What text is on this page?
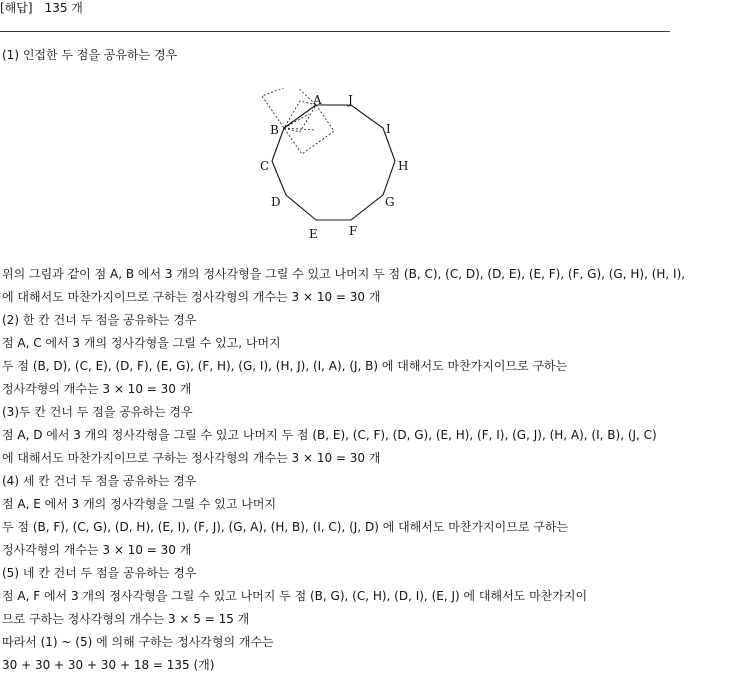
[해답] 135 개
(1) 인접한 두 점을 공유하는 경우
A J
I
H
G
F
E
D
C
B
위의 그림과 같이 점 A, B 에서 3 개의 정사각형을 그릴 수 있고 나머지 두 점 (B, C), (C, D), (D, E), (E, F), (F, G), (G, H), (H, I),
에 대해서도 마찬가지이므로 구하는 정사각형의 개수는 3 × 10 = 30 개
(2) 한 칸 건너 두 점을 공유하는 경우
점 A, C 에서 3 개의 정사각형을 그릴 수 있고, 나머지
두 점 (B, D), (C, E), (D, F), (E, G), (F, H), (G, I), (H, J), (I, A), (J, B) 에 대해서도 마찬가지이므로 구하는
정사각형의 개수는 3 × 10 = 30 개
(3)두 칸 건너 두 점을 공유하는 경우
점 A, D 에서 3 개의 정사각형을 그릴 수 있고 나머지 두 점 (B, E), (C, F), (D, G), (E, H), (F, I), (G, J), (H, A), (I, B), (J, C)
에 대해서도 마찬가지이므로 구하는 정사각형의 개수는 3 × 10 = 30 개
(4) 세 칸 건너 두 점을 공유하는 경우
점 A, E 에서 3 개의 정사각형을 그릴 수 있고 나머지
두 점 (B, F), (C, G), (D, H), (E, I), (F, J), (G, A), (H, B), (I, C), (J, D) 에 대해서도 마찬가지이므로 구하는
정사각형의 개수는 3 × 10 = 30 개
(5) 네 칸 건너 두 점을 공유하는 경우
점 A, F 에서 3 개의 정사각형을 그릴 수 있고 나머지 두 점 (B, G), (C, H), (D, I), (E, J) 에 대해서도 마찬가지이
므로 구하는 정사각형의 개수는 3 × 5 = 15 개
따라서 (1) ~ (5) 에 의해 구하는 정사각형의 개수는
30 + 30 + 30 + 30 + 18 = 135 (개)
